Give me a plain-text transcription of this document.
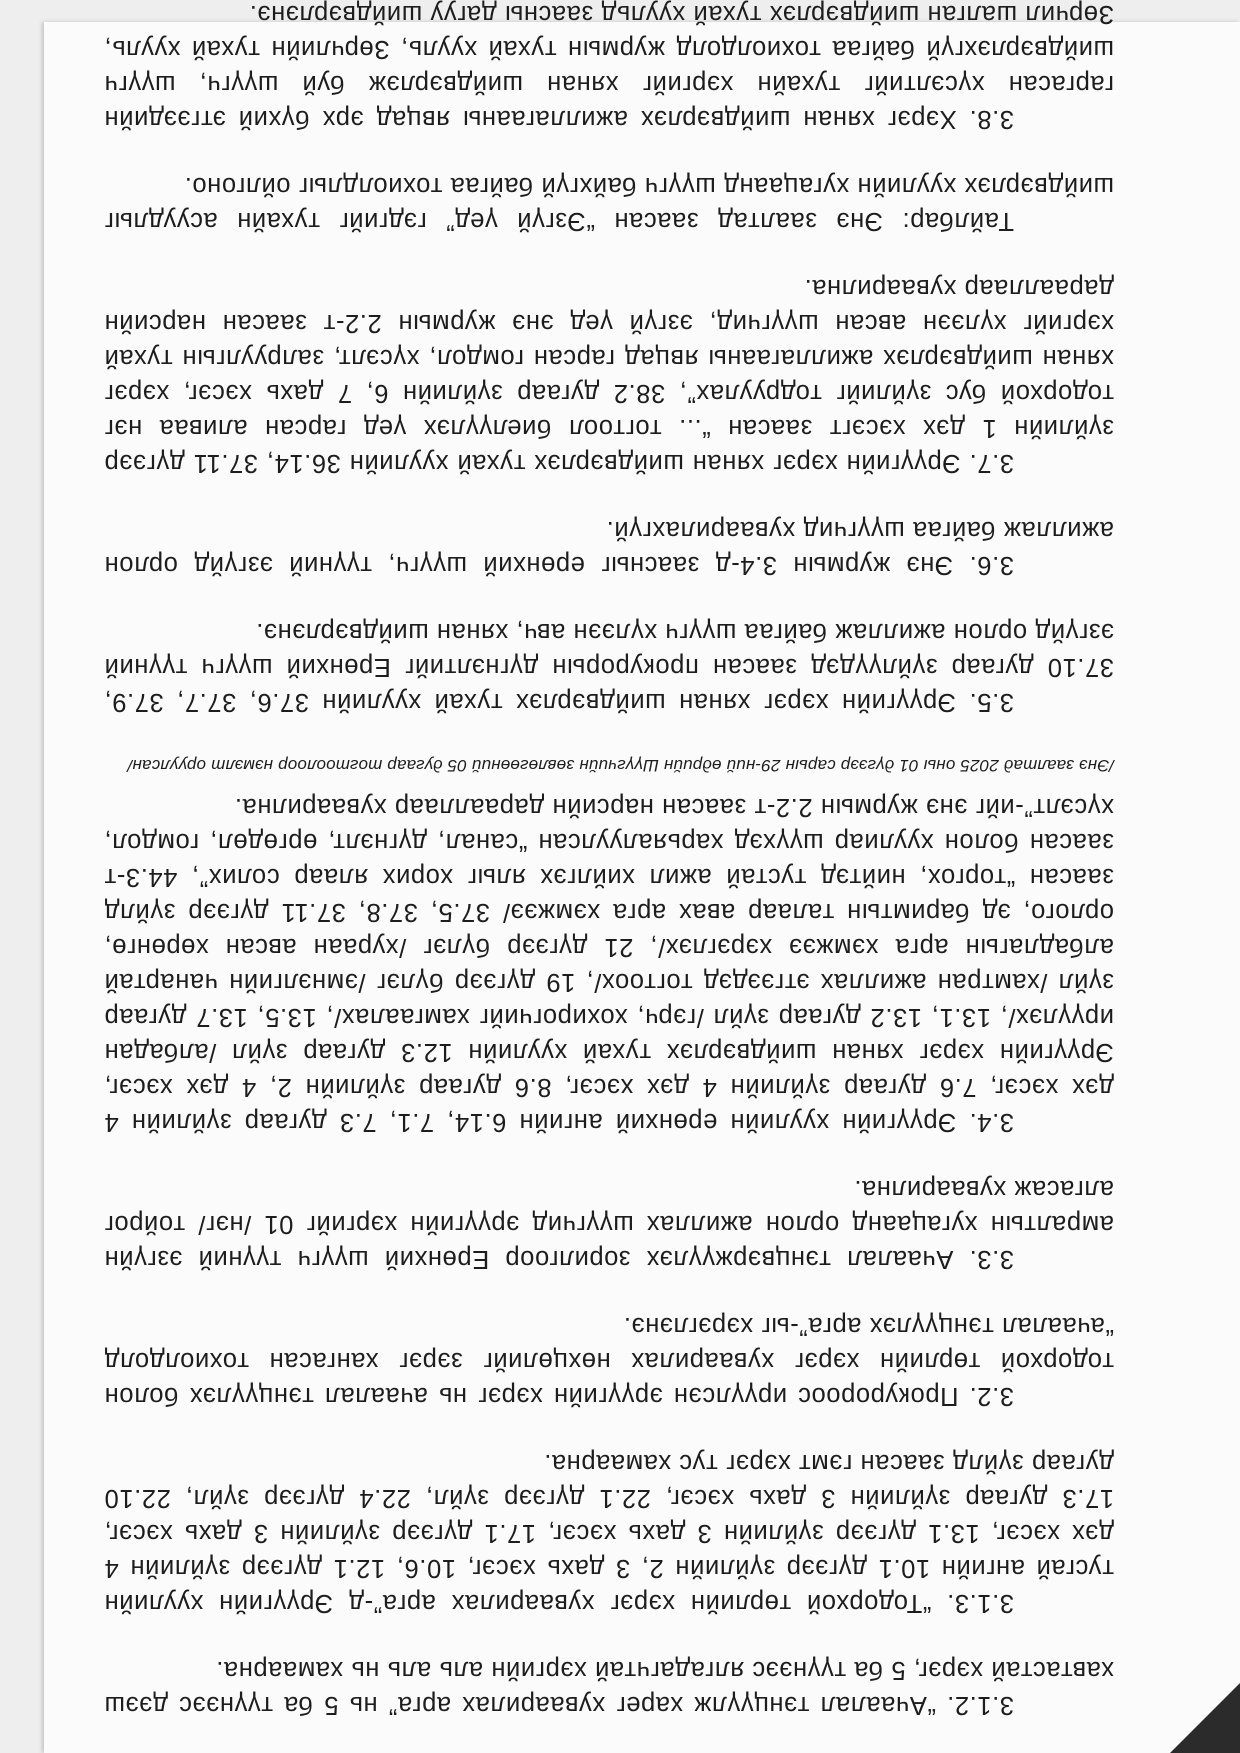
3.1.2. “Ачаалал тэнцүүлж харег хуваарилах арга” нь 5 ба түүнээс дээш хавтастай хэрэг, 5 ба түүнээс ялгадагчтай хэргийн аль аль нь хамаарна.

3.1.3. “Тодорхой төрлийн хэрэг хуваарилах арга”-д Эрүүгийн хуулийн тусгай ангийн 10.1 дүгээр зүйлийн 2, 3 дахь хэсэг, 10.6, 12.1 дүгээр зүйлийн 4 дэх хэсэг, 13.1 дүгээр зүйлийн 3 дахь хэсэг, 17.1 дүгээр зүйлийн 3 дахь хэсэг, 17.3 дугаар зүйлийн 3 дахь хэсэг, 22.1 дүгээр зүйл, 22.4 дүгээр зүйл, 22.10 дугаар зүйлд заасан гэмт хэрэг тус хамаарна.

3.2. Прокуророос ирүүлсэн эрүүгийн хэрэг нь ачаалал тэнцүүлэх болон тодорхой төрлийн хэрэг хуваарилах нөхцөлийг зэрэг хангасан тохиолдолд “ачаалал тэнцүүлэх арга”-ыг хэрэглэнэ.

3.3. Ачаалал тэнцвэржүүлэх зорилгоор Ерөнхий шүүгч түүний эзгүйн амралтын хугацаанд орлон ажиллах шүүгчид эрүүгийн хэргийг 01 /нэг/ тойрог алгасаж хуваарилна.

3.4. Эрүүгийн хуулийн ерөнхий ангийн 6.14, 7.1, 7.3 дугаар зүйлийн 4 дэх хэсэг, 7.6 дугаар зүйлийн 4 дэх хэсэг, 8.6 дугаар зүйлийн 2, 4 дэх хэсэг, Эрүүгийн хэрэг хянан шийдвэрлэх тухай хуулийн 12.3 дугаар зүйл /албадан ирүүлэх/, 13.1, 13.2 дугаар зүйл /гэрч, хохирогчийг хамгаалах/, 13.5, 13.7 дугаар зүйл /хамтран ажиллах этгээдэд тогтоох/, 19 дүгээр бүлэг /эмнэлгийн чанартай албадлагын арга хэмжээ хэрэглэх/, 21 дүгээр бүлэг /хураан авсан хөрөнгө, орлого, эд баримтын талаар авах арга хэмжээ/ 37.5, 37.8, 37.11 дүгээр зүйлд заасан “торгох, нийтэд тустай ажил хийлгэх ялыг хорих ялаар солих”, 44.3-т заасан болон хуулиар шүүхэд харьяалуулсан “санал, дүгнэлт, өргөдөл, гомдол, хүсэлт”-ийг энэ журмын 2.2-т заасан нарсийн дарааллаар хуваарилна.

/Энэ заалтад 2025 оны 01 дүгээр сарын 29-ний өдрийн Шүүгчийн зөвлөгөөний 05 дугаар тогтоолоор нэмэлт оруулсан/

3.5. Эрүүгийн хэрэг хянан шийдвэрлэх тухай хуулийн 37.6, 37.7, 37.9, 37.10 дугаар зүйлүүдэд заасан прокурорын дүгнэлтийг Ерөнхий шүүгч түүний эзгүйд орлон ажиллаж байгаа шүүгч хүлээн авч, хянан шийдвэрлэнэ.

3.6. Энэ журмын 3.4-д заасныг ерөнхий шүүгч, түүний эзгүйд орлон ажиллаж байгаа шүүгчид хуваарилахгүй.

3.7. Эрүүгийн хэрэг хянан шийдвэрлэх тухай хуулийн 36.14, 37.11 дүгээр зүйлийн 1 дэх хэсэгт заасан “... тогтоол биелүүлэх үед гарсан аливаа нэг тодорхой бус зүйлийг тодруулах”, 38.2 дугаар зүйлийн 6, 7 дахь хэсэг, хэрэг хянан шийдвэрлэх ажиллагааны явцад гарсан гомдол, хүсэлт, залруулгын тухай хэргийг хүлээн авсан шүүгчид, эзгүй үед энэ журмын 2.2-т заасан нарсийн дарааллаар хуваарилна.

Тайлбар: Энэ заалтад заасан “Эзгүй үед” гэдгийг тухайн асуудлыг шийдвэрлэх хуулийн хугацаанд шүүгч байхгүй байгаа тохиолдлыг ойлгоно.

3.8. Хэрэг хянан шийдвэрлэх ажиллагааны явцад эрх бүхий этгээдийн гаргасан хүсэлтийг тухайн хэргийг хянан шийдвэрлэж буй шүүгч, шүүгч шийдвэрлэхгүй байгаа тохиолдолд журмын тухай хууль, Зөрчлийн тухай хууль, Зөрчил шалган шийдвэрлэх тухай хуульд заасны дагуу шийдвэрлэнэ.
